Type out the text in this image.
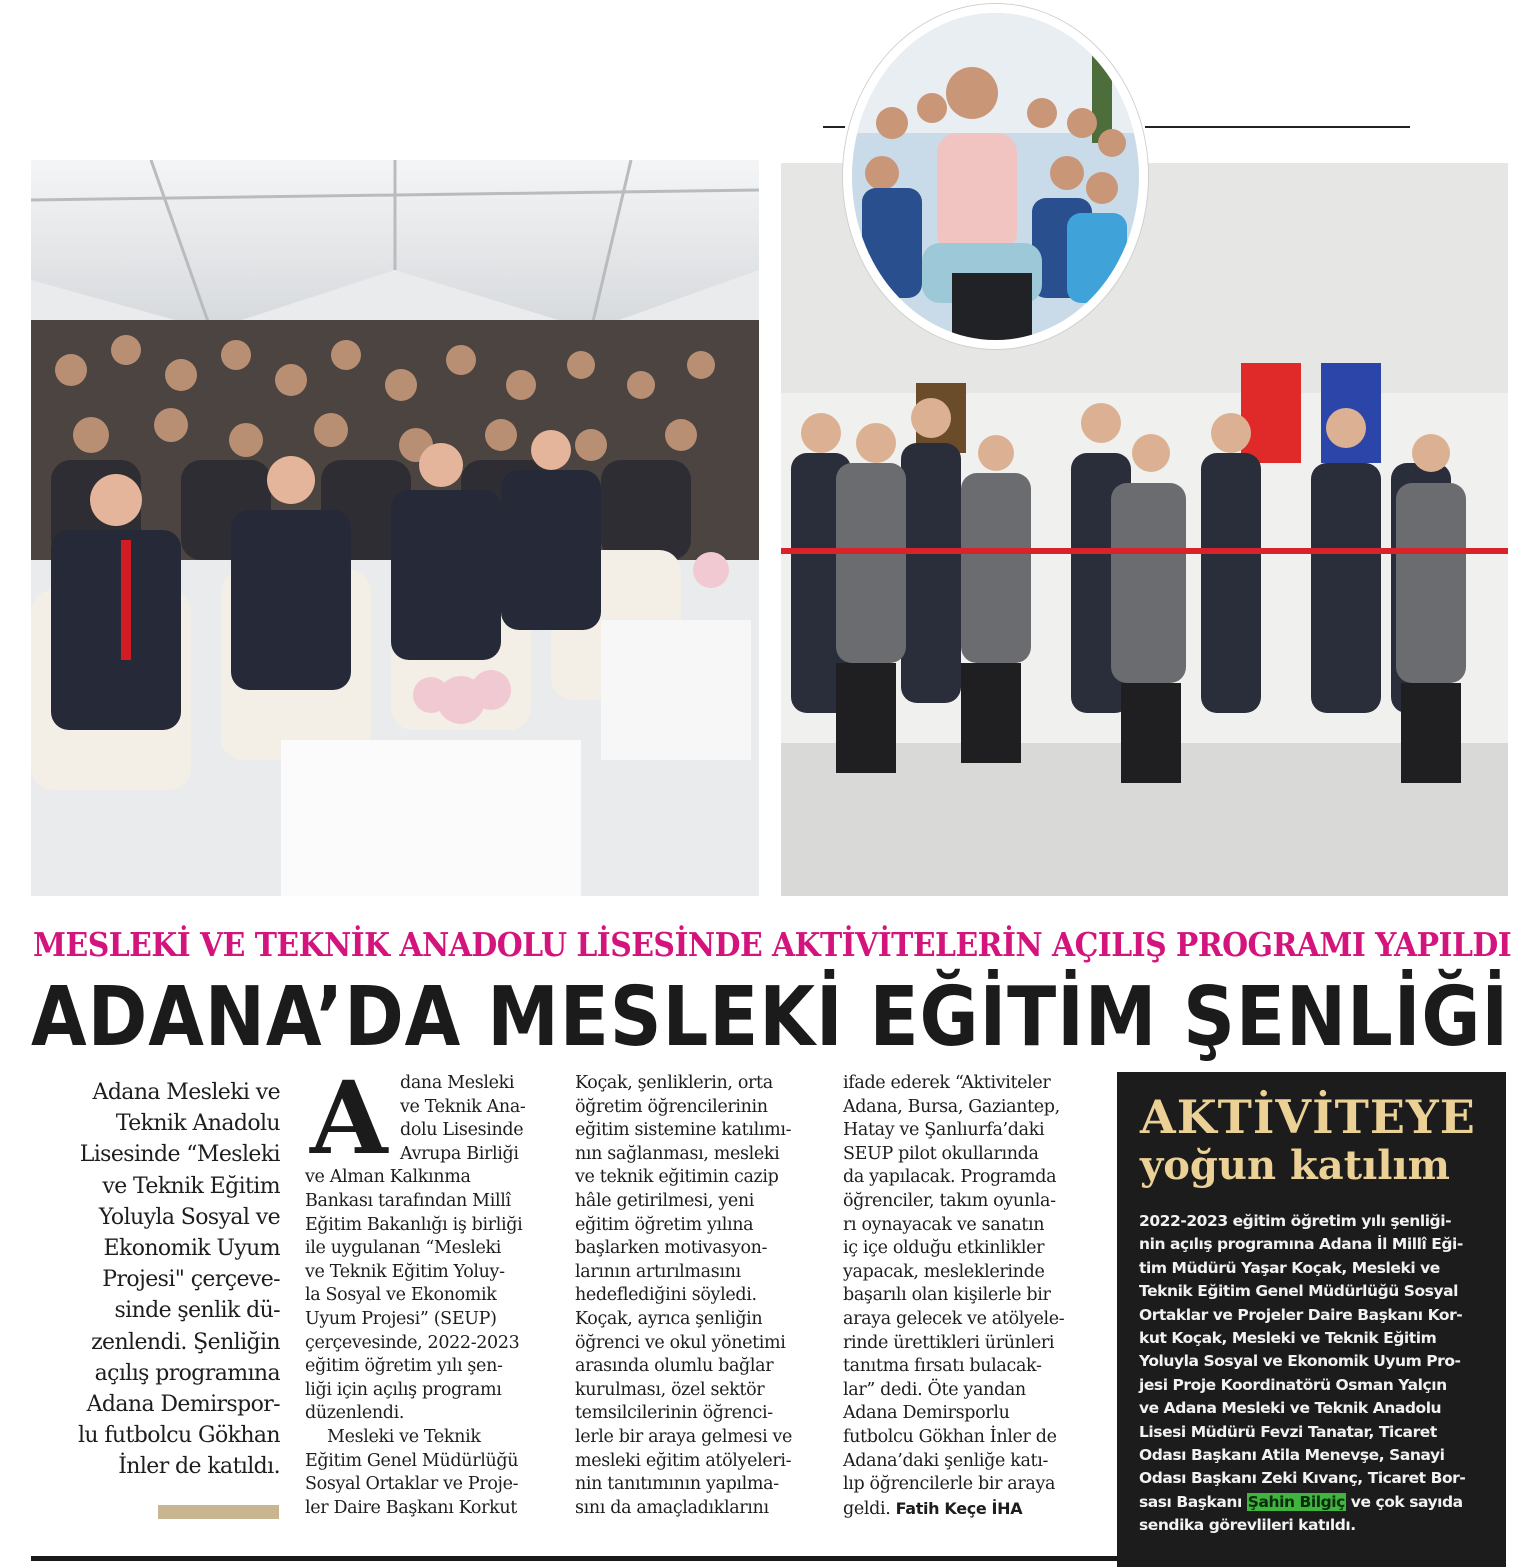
MESLEKİ VE TEKNİK ANADOLU LİSESİNDE AKTİVİTELERİN AÇILIŞ PROGRAMI YAPILDI
ADANA’DA MESLEKİ EĞİTİM ŞENLİĞİ

Adana Mesleki ve

Teknik Anadolu

Lisesinde “Mesleki

ve Teknik Eğitim

Yoluyla Sosyal ve

Ekonomik Uyum

Projesi" çerçeve-

sinde şenlik dü-

zenlendi. Şenliğin

açılış programına

Adana Demirspor-

lu futbolcu Gökhan

İnler de katıldı.

A dana Mesleki

ve Teknik Ana-

dolu Lisesinde

Avrupa Birliği

ve Alman Kalkınma

Bankası tarafından Millî

Eğitim Bakanlığı iş birliği

ile uygulanan “Mesleki

ve Teknik Eğitim Yoluy-

la Sosyal ve Ekonomik

Uyum Projesi” (SEUP)

çerçevesinde, 2022-2023

eğitim öğretim yılı şen-

liği için açılış programı

düzenlendi.

Mesleki ve Teknik

Eğitim Genel Müdürlüğü

Sosyal Ortaklar ve Proje-

ler Daire Başkanı Korkut

Koçak, şenliklerin, orta

öğretim öğrencilerinin

eğitim sistemine katılımı-

nın sağlanması, mesleki

ve teknik eğitimin cazip

hâle getirilmesi, yeni

eğitim öğretim yılına

başlarken motivasyon-

larının artırılmasını

hedeflediğini söyledi.

Koçak, ayrıca şenliğin

öğrenci ve okul yönetimi

arasında olumlu bağlar

kurulması, özel sektör

temsilcilerinin öğrenci-

lerle bir araya gelmesi ve

mesleki eğitim atölyeleri-

nin tanıtımının yapılma-

sını da amaçladıklarını

ifade ederek “Aktiviteler

Adana, Bursa, Gaziantep,

Hatay ve Şanlıurfa’daki

SEUP pilot okullarında

da yapılacak. Programda

öğrenciler, takım oyunla-

rı oynayacak ve sanatın

iç içe olduğu etkinlikler

yapacak, mesleklerinde

başarılı olan kişilerle bir

araya gelecek ve atölyele-

rinde ürettikleri ürünleri

tanıtma fırsatı bulacak-

lar” dedi. Öte yandan

Adana Demirsporlu

futbolcu Gökhan İnler de

Adana’daki şenliğe katı-

lıp öğrencilerle bir araya

geldi. Fatih Keçe İHA

AKTİVİTEYE
yoğun katılım

2022-2023 eğitim öğretim yılı şenliği-

nin açılış programına Adana İl Millî Eği-

tim Müdürü Yaşar Koçak, Mesleki ve

Teknik Eğitim Genel Müdürlüğü Sosyal

Ortaklar ve Projeler Daire Başkanı Kor-

kut Koçak, Mesleki ve Teknik Eğitim

Yoluyla Sosyal ve Ekonomik Uyum Pro-

jesi Proje Koordinatörü Osman Yalçın

ve Adana Mesleki ve Teknik Anadolu

Lisesi Müdürü Fevzi Tanatar, Ticaret

Odası Başkanı Atila Menevşe, Sanayi

Odası Başkanı Zeki Kıvanç, Ticaret Bor-

sası Başkanı Şahin Bilgiç ve çok sayıda

sendika görevlileri katıldı.
